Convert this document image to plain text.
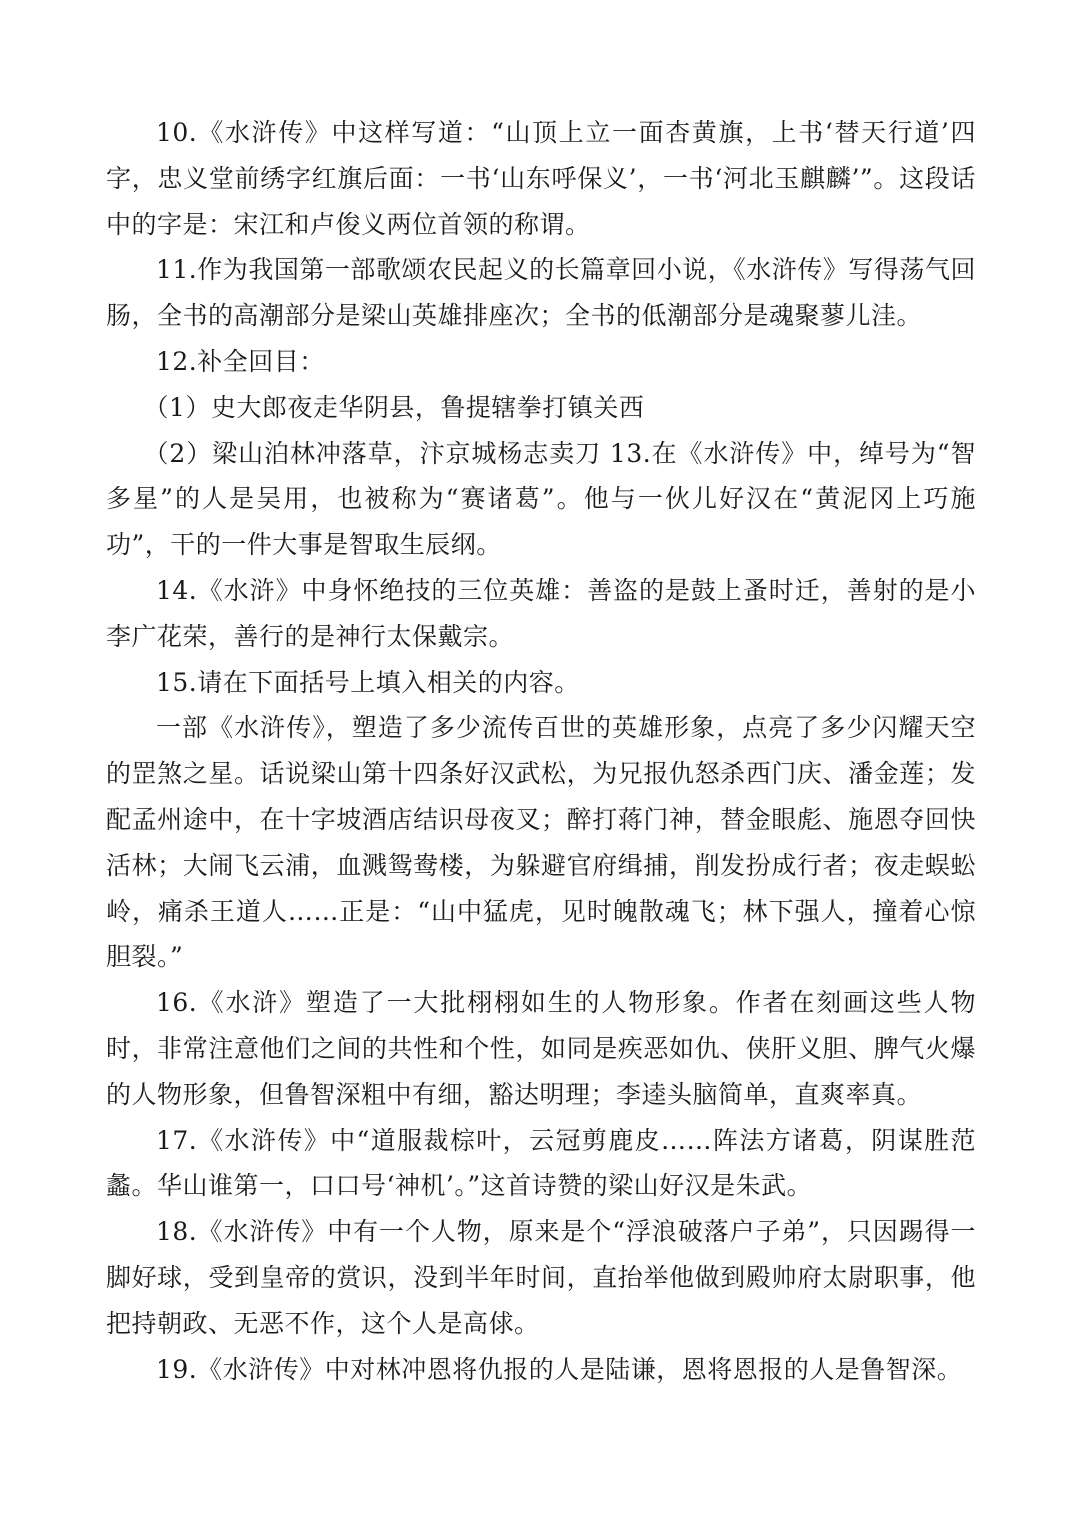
10.《水浒传》中这样写道：“山顶上立一面杏黄旗，上书‘替天行道’四字，忠义堂前绣字红旗后面：一书‘山东呼保义’，一书‘河北玉麒麟’”。这段话中的字是：宋江和卢俊义两位首领的称谓。

11.作为我国第一部歌颂农民起义的长篇章回小说，《水浒传》写得荡气回肠，全书的高潮部分是梁山英雄排座次；全书的低潮部分是魂聚蓼儿洼。

12.补全回目：

（1）史大郎夜走华阴县，鲁提辖拳打镇关西

（2）梁山泊林冲落草，汴京城杨志卖刀 13.在《水浒传》中，绰号为“智多星”的人是吴用，也被称为“赛诸葛”。他与一伙儿好汉在“黄泥冈上巧施功”，干的一件大事是智取生辰纲。

14.《水浒》中身怀绝技的三位英雄：善盗的是鼓上蚤时迁，善射的是小李广花荣，善行的是神行太保戴宗。

15.请在下面括号上填入相关的内容。

一部《水浒传》，塑造了多少流传百世的英雄形象，点亮了多少闪耀天空的罡煞之星。话说梁山第十四条好汉武松，为兄报仇怒杀西门庆、潘金莲；发配孟州途中，在十字坡酒店结识母夜叉；醉打蒋门神，替金眼彪、施恩夺回快活林；大闹飞云浦，血溅鸳鸯楼，为躲避官府缉捕，削发扮成行者；夜走蜈蚣岭，痛杀王道人……正是：“山中猛虎，见时魄散魂飞；林下强人，撞着心惊胆裂。”

16.《水浒》塑造了一大批栩栩如生的人物形象。作者在刻画这些人物时，非常注意他们之间的共性和个性，如同是疾恶如仇、侠肝义胆、脾气火爆的人物形象，但鲁智深粗中有细，豁达明理；李逵头脑简单，直爽率真。

17.《水浒传》中“道服裁棕叶，云冠剪鹿皮……阵法方诸葛，阴谋胜范蠡。华山谁第一，口口号‘神机’。”这首诗赞的梁山好汉是朱武。

18.《水浒传》中有一个人物，原来是个“浮浪破落户子弟”，只因踢得一脚好球，受到皇帝的赏识，没到半年时间，直抬举他做到殿帅府太尉职事，他把持朝政、无恶不作，这个人是高俅。

19.《水浒传》中对林冲恩将仇报的人是陆谦，恩将恩报的人是鲁智深。
